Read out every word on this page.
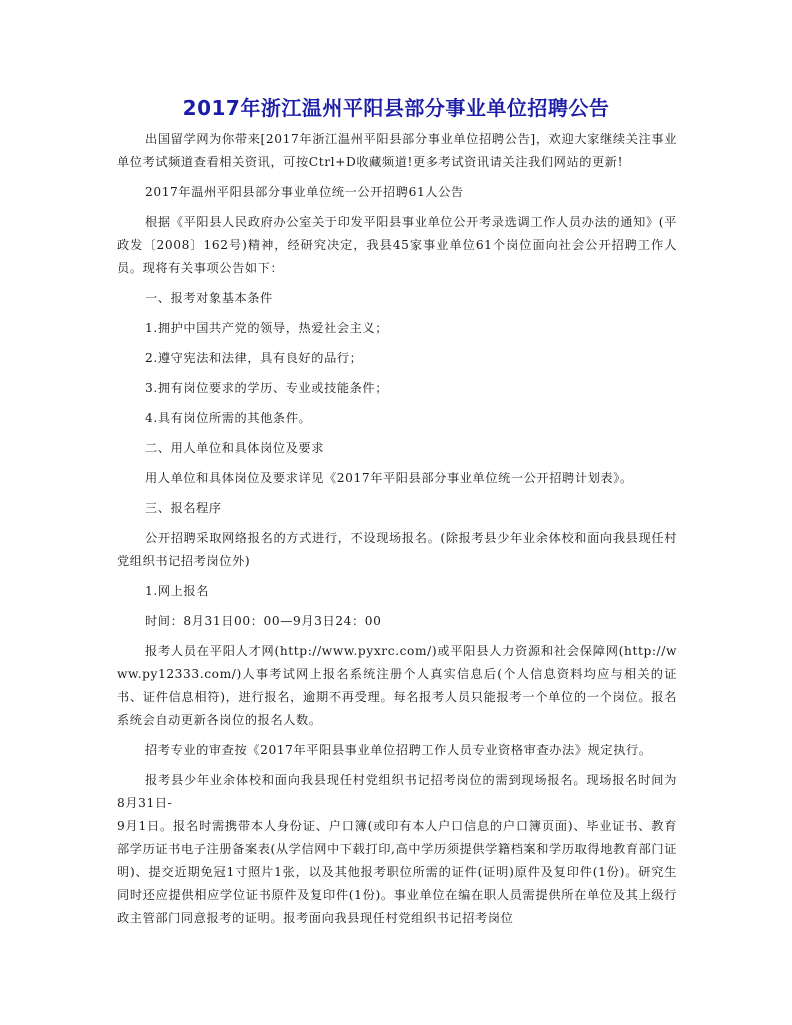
2017年浙江温州平阳县部分事业单位招聘公告

出国留学网为你带来[2017年浙江温州平阳县部分事业单位招聘公告]，欢迎大家继续关注事业单位考试频道查看相关资讯，可按Ctrl+D收藏频道!更多考试资讯请关注我们网站的更新!

2017年温州平阳县部分事业单位统一公开招聘61人公告

根据《平阳县人民政府办公室关于印发平阳县事业单位公开考录选调工作人员办法的通知》(平政发〔2008〕162号)精神，经研究决定，我县45家事业单位61个岗位面向社会公开招聘工作人员。现将有关事项公告如下：

一、报考对象基本条件

1.拥护中国共产党的领导，热爱社会主义；

2.遵守宪法和法律，具有良好的品行；

3.拥有岗位要求的学历、专业或技能条件；

4.具有岗位所需的其他条件。

二、用人单位和具体岗位及要求

用人单位和具体岗位及要求详见《2017年平阳县部分事业单位统一公开招聘计划表》。

三、报名程序

公开招聘采取网络报名的方式进行，不设现场报名。(除报考县少年业余体校和面向我县现任村党组织书记招考岗位外)

1.网上报名

时间：8月31日00：00—9月3日24：00

报考人员在平阳人才网(http://www.pyxrc.com/)或平阳县人力资源和社会保障网(http://www.py12333.com/)人事考试网上报名系统注册个人真实信息后(个人信息资料均应与相关的证书、证件信息相符)，进行报名，逾期不再受理。每名报考人员只能报考一个单位的一个岗位。报名系统会自动更新各岗位的报名人数。

招考专业的审查按《2017年平阳县事业单位招聘工作人员专业资格审查办法》规定执行。

报考县少年业余体校和面向我县现任村党组织书记招考岗位的需到现场报名。现场报名时间为8月31日-

9月1日。报名时需携带本人身份证、户口簿(或印有本人户口信息的户口簿页面)、毕业证书、教育部学历证书电子注册备案表(从学信网中下载打印,高中学历须提供学籍档案和学历取得地教育部门证明)、提交近期免冠1寸照片1张，以及其他报考职位所需的证件(证明)原件及复印件(1份)。研究生同时还应提供相应学位证书原件及复印件(1份)。事业单位在编在职人员需提供所在单位及其上级行政主管部门同意报考的证明。报考面向我县现任村党组织书记招考岗位
